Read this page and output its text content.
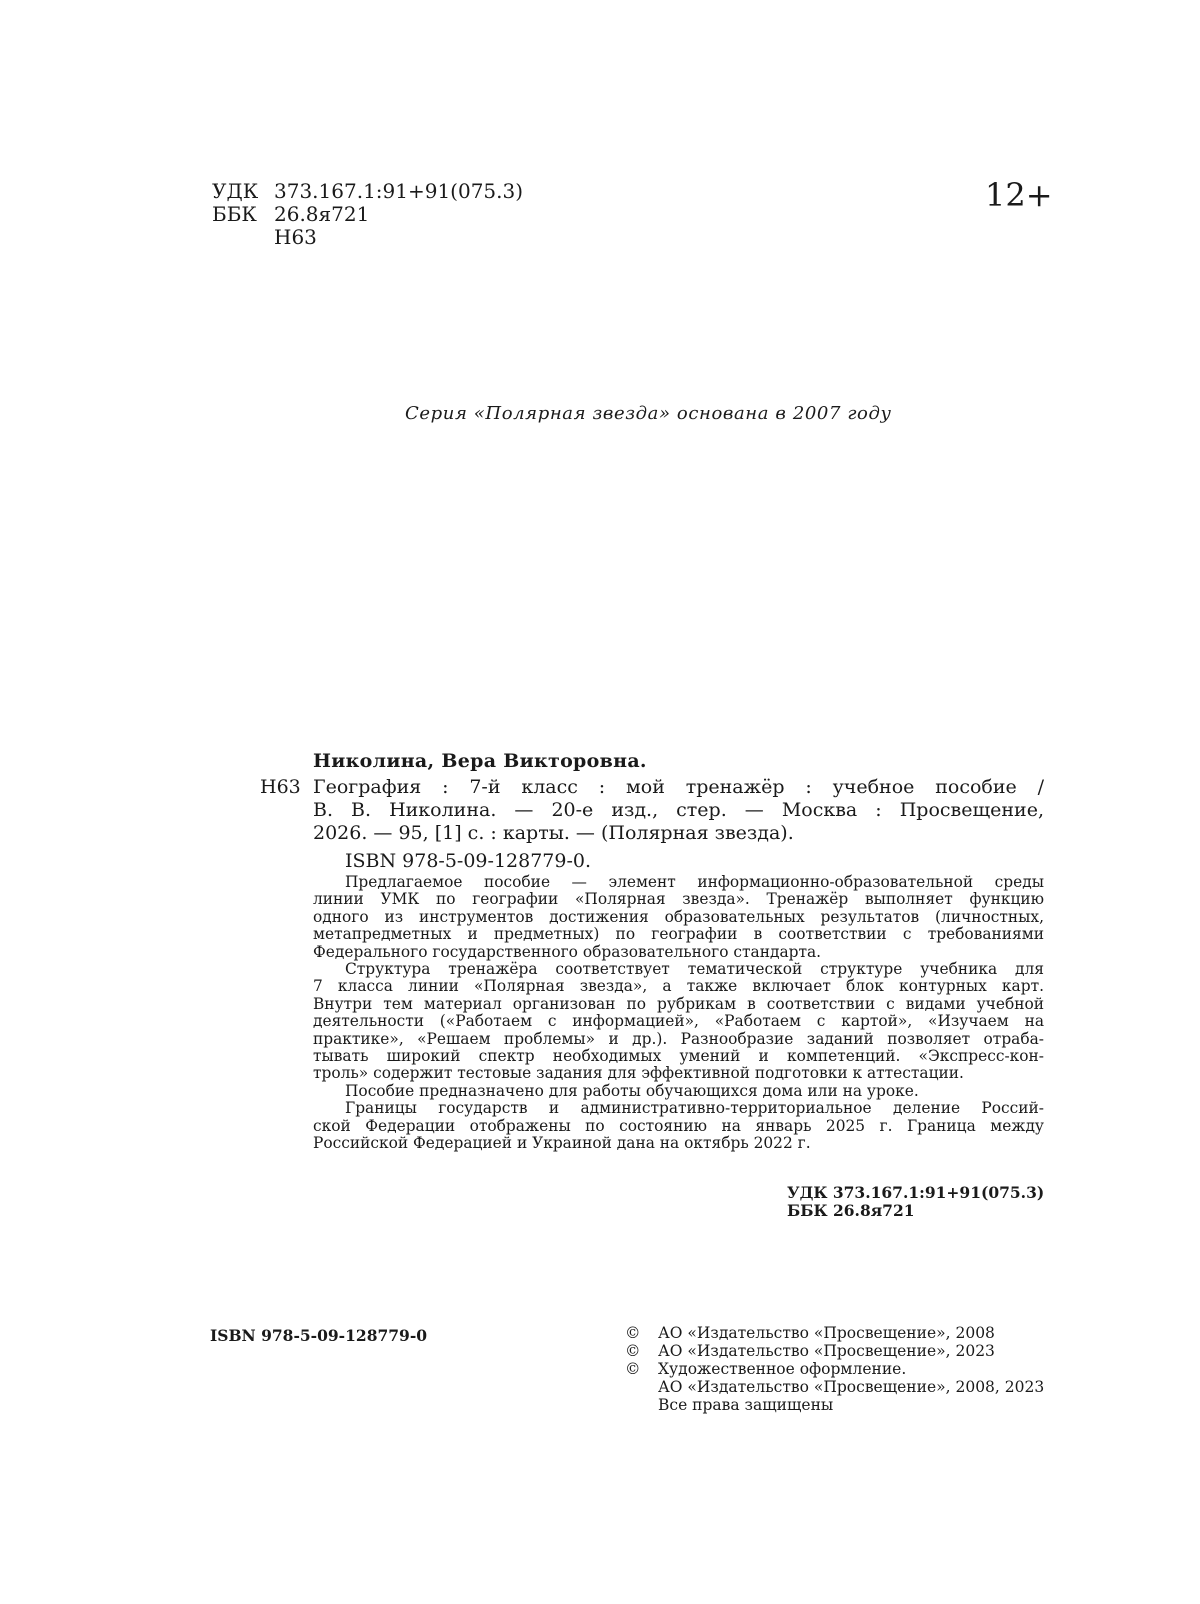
УДК 373.167.1:91+91(075.3)
ББК 26.8я721
Н63
12+
Серия «Полярная звезда» основана в 2007 году
Николина, Вера Викторовна.
Н63 География : 7-й класс : мой тренажёр : учебное пособие /
В. В. Николина. — 20-е изд., стер. — Москва : Просвещение,
2026. — 95, [1] с. : карты. — (Полярная звезда).
ISBN 978-5-09-128779-0.
Предлагаемое пособие — элемент информационно-образовательной среды
линии УМК по географии «Полярная звезда». Тренажёр выполняет функцию
одного из инструментов достижения образовательных результатов (личностных,
метапредметных и предметных) по географии в соответствии с требованиями
Федерального государственного образовательного стандарта.
Структура тренажёра соответствует тематической структуре учебника для
7 класса линии «Полярная звезда», а также включает блок контурных карт.
Внутри тем материал организован по рубрикам в соответствии с видами учебной
деятельности («Работаем с информацией», «Работаем с картой», «Изучаем на
практике», «Решаем проблемы» и др.). Разнообразие заданий позволяет отраба-
тывать широкий спектр необходимых умений и компетенций. «Экспресс-кон-
троль» содержит тестовые задания для эффективной подготовки к аттестации.
Пособие предназначено для работы обучающихся дома или на уроке.
Границы государств и административно-территориальное деление Россий-
ской Федерации отображены по состоянию на январь 2025 г. Граница между
Российской Федерацией и Украиной дана на октябрь 2022 г.
УДК 373.167.1:91+91(075.3)
ББК 26.8я721
ISBN 978-5-09-128779-0	© АО «Издательство «Просвещение», 2008
© АО «Издательство «Просвещение», 2023
© Художественное оформление.
АО «Издательство «Просвещение», 2008, 2023
Все права защищены
